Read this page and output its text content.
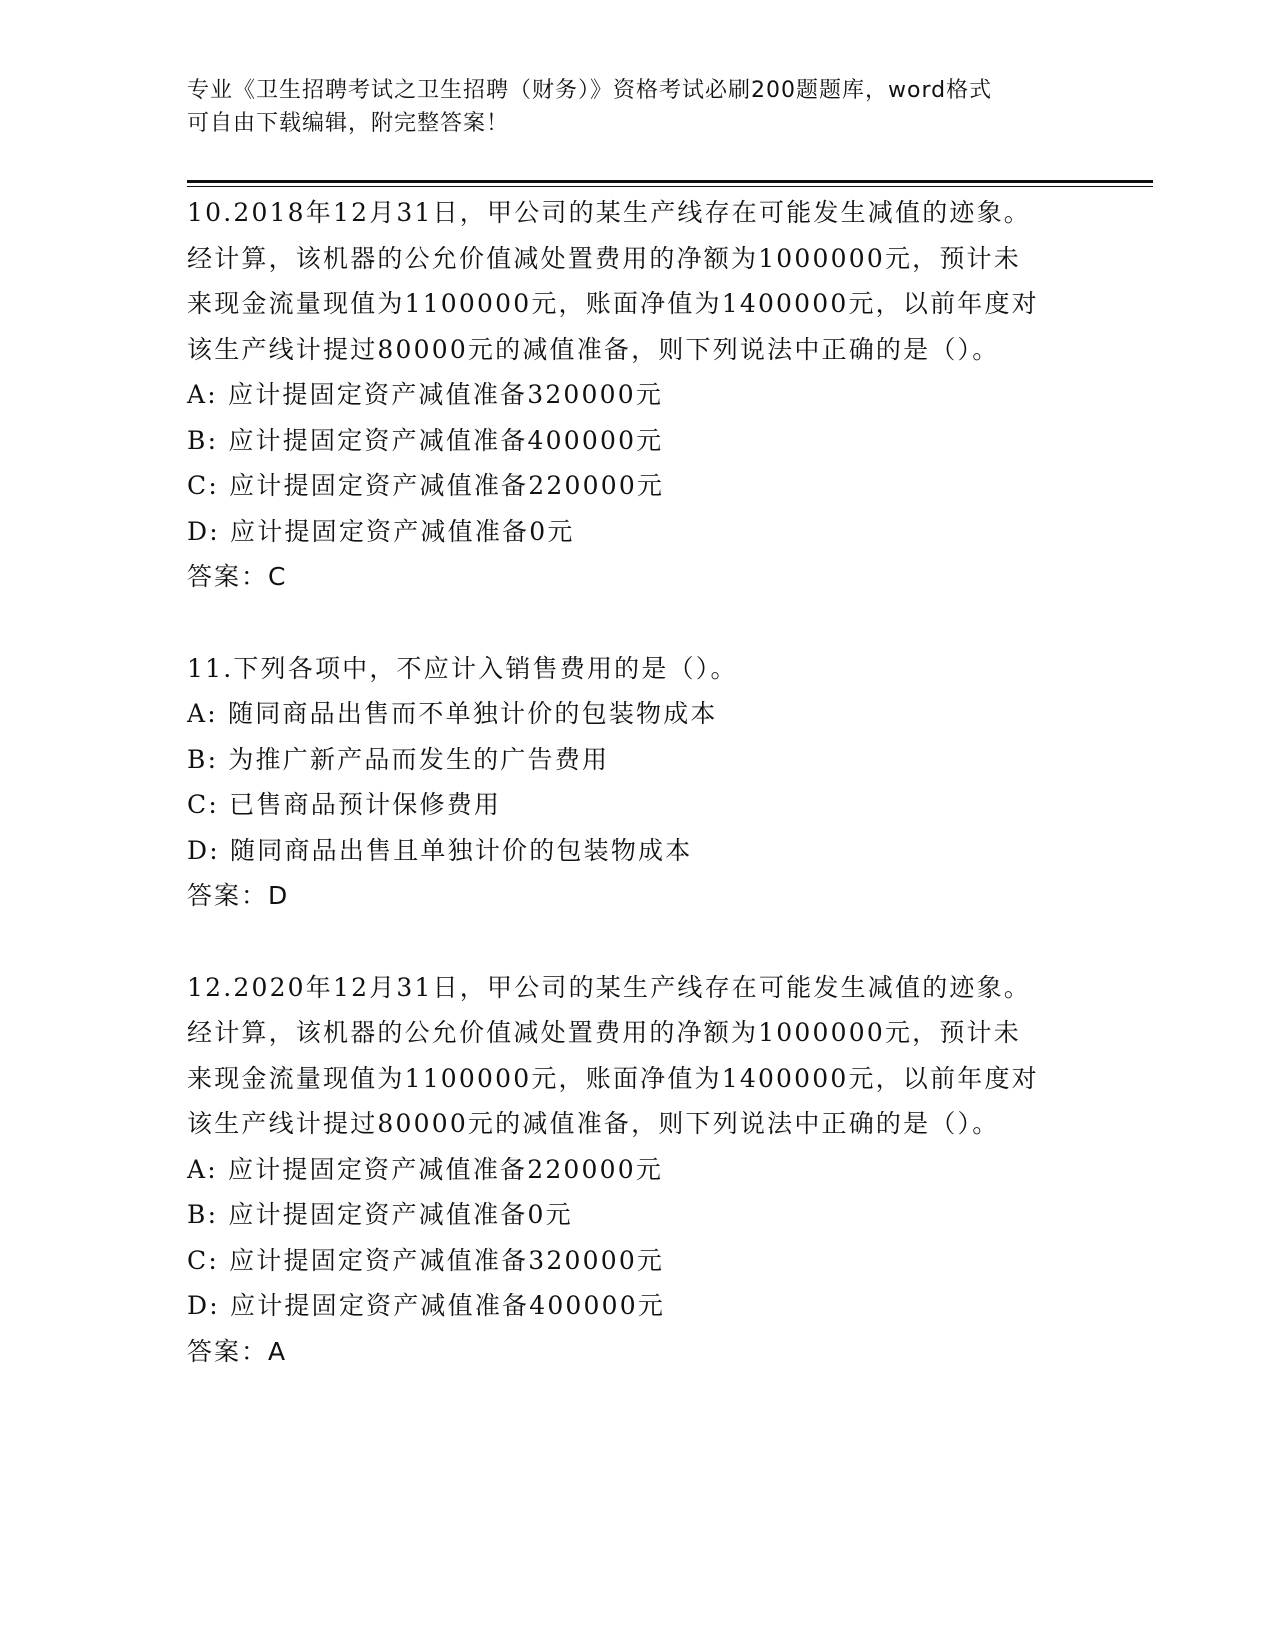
专业《卫生招聘考试之卫生招聘（财务）》资格考试必刷200题题库，word格式
可自由下载编辑，附完整答案！
10.2018年12月31日，甲公司的某生产线存在可能发生减值的迹象。
经计算，该机器的公允价值减处置费用的净额为1000000元，预计未
来现金流量现值为1100000元，账面净值为1400000元，以前年度对
该生产线计提过80000元的减值准备，则下列说法中正确的是（）。
A: 应计提固定资产减值准备320000元
B: 应计提固定资产减值准备400000元
C: 应计提固定资产减值准备220000元
D: 应计提固定资产减值准备0元
答案：C
11.下列各项中，不应计入销售费用的是（）。
A: 随同商品出售而不单独计价的包装物成本
B: 为推广新产品而发生的广告费用
C: 已售商品预计保修费用
D: 随同商品出售且单独计价的包装物成本
答案：D
12.2020年12月31日，甲公司的某生产线存在可能发生减值的迹象。
经计算，该机器的公允价值减处置费用的净额为1000000元，预计未
来现金流量现值为1100000元，账面净值为1400000元，以前年度对
该生产线计提过80000元的减值准备，则下列说法中正确的是（）。
A: 应计提固定资产减值准备220000元
B: 应计提固定资产减值准备0元
C: 应计提固定资产减值准备320000元
D: 应计提固定资产减值准备400000元
答案：A
